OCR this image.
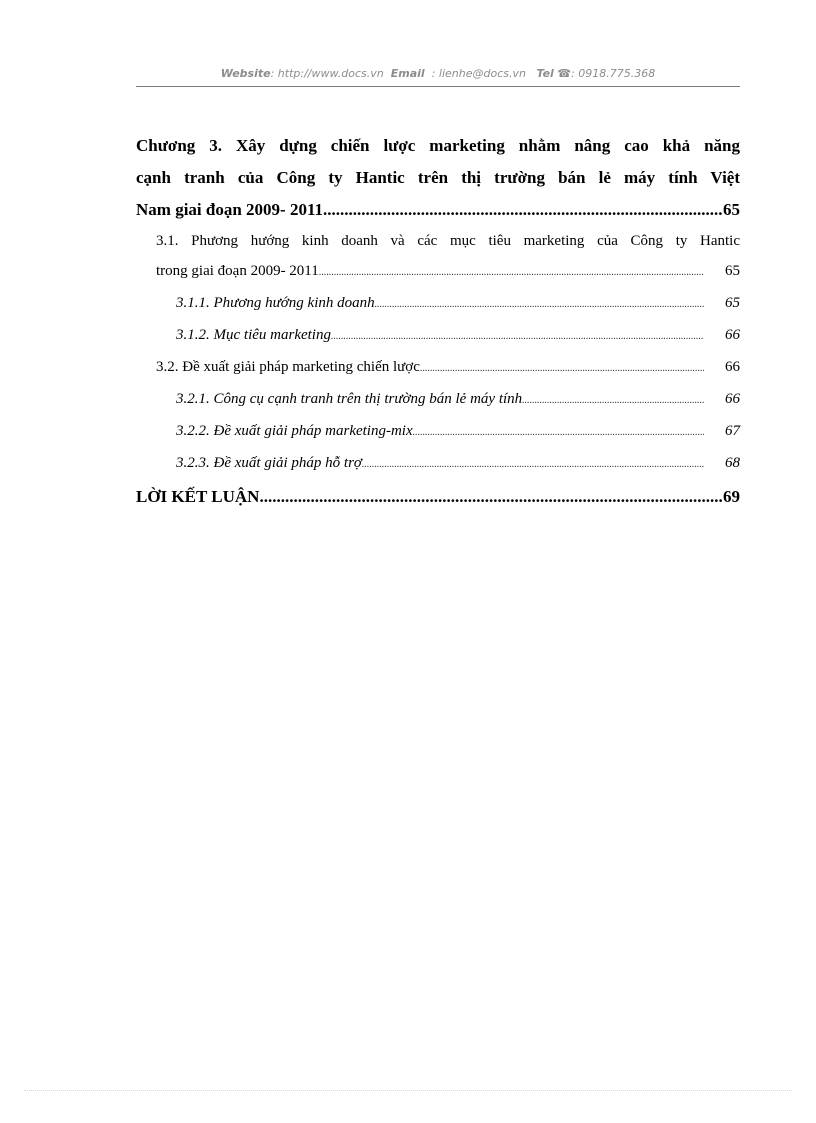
Website: http://www.docs.vn Email : lienhe@docs.vn Tel ☎: 0918.775.368
Chương 3. Xây dựng chiến lược marketing nhằm nâng cao khả năng
cạnh tranh của Công ty Hantic trên thị trường bán lẻ máy tính Việt
Nam giai đoạn 2009- 2011 .....	65
3.1. Phương hướng kinh doanh và các mục tiêu marketing của Công ty Hantic
trong giai đoạn 2009- 2011 .....	65
3.1.1. Phương hướng kinh doanh .....	65
3.1.2. Mục tiêu marketing .....	66
3.2. Đề xuất giải pháp marketing chiến lược .....	66
3.2.1. Công cụ cạnh tranh trên thị trường bán lẻ máy tính .....	66
3.2.2. Đề xuất giải pháp marketing-mix .....	67
3.2.3. Đề xuất giải pháp hỗ trợ .....	68
LỜI KẾT LUẬN .....	69
